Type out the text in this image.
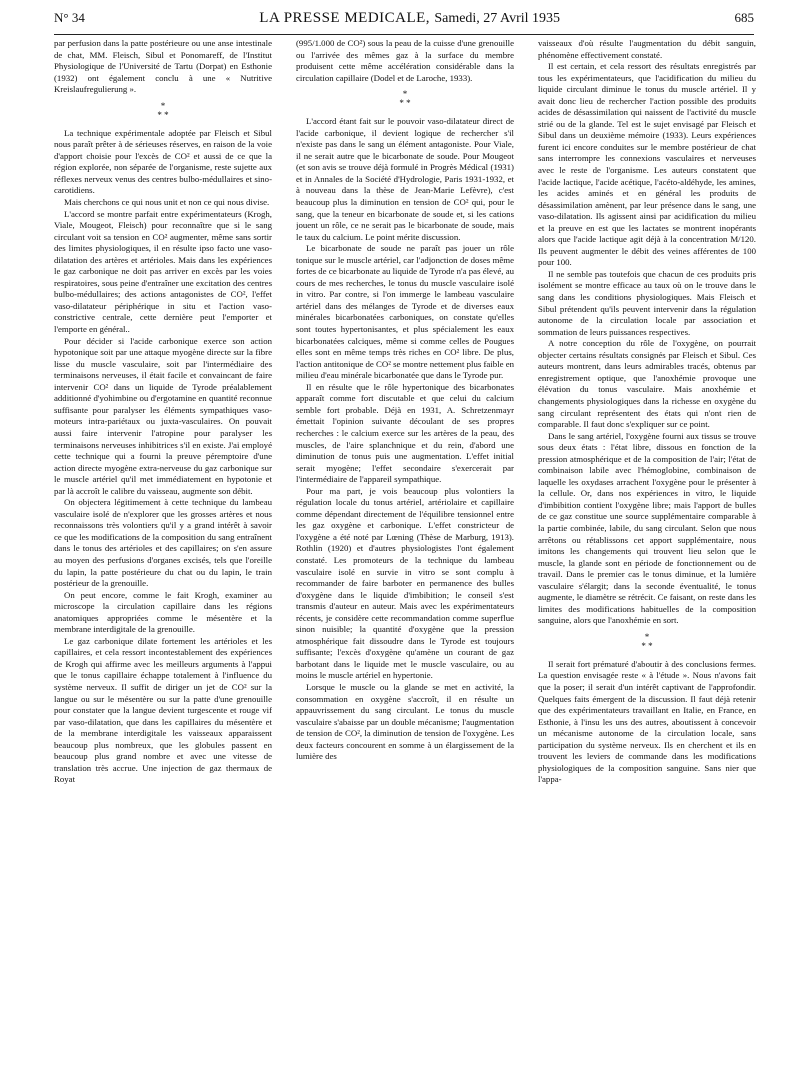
N° 34	LA PRESSE MEDICALE, Samedi, 27 Avril 1935	685

par perfusion dans la patte postérieure ou une anse intestinale de chat, MM. Fleisch, Sibul et Ponomareff, de l'Institut Physiologique de l'Université de Tartu (Dorpat) en Esthonie (1932) ont également conclu à une « Nutritive Kreislaufregulierung ».

*
* *

La technique expérimentale adoptée par Fleisch et Sibul nous paraît prêter à de sérieuses réserves, en raison de la voie d'apport choisie pour l'excès de CO² et aussi de ce que la région explorée, non séparée de l'organisme, reste sujette aux réflexes nerveux venus des centres bulbo-médullaires et sino-carotidiens.

Mais cherchons ce qui nous unit et non ce qui nous divise.

L'accord se montre parfait entre expérimentateurs (Krogh, Viale, Mougeot, Fleisch) pour reconnaître que si le sang circulant voit sa tension en CO² augmenter, même sans sortir des limites physiologiques, il en résulte ipso facto une vaso-dilatation des artères et artérioles. Mais dans les expériences le gaz carbonique ne doit pas arriver en excès par les voies respiratoires, sous peine d'entraîner une excitation des centres bulbo-médullaires; des actions antagonistes de CO², l'effet vaso-dilatateur périphérique in situ et l'action vaso-constrictive centrale, cette dernière peut l'emporter et l'emporte en général..

Pour décider si l'acide carbonique exerce son action hypotonique soit par une attaque myogène directe sur la fibre lisse du muscle vasculaire, soit par l'intermédiaire des terminaisons nerveuses, il était facile et convaincant de faire intervenir CO² dans un liquide de Tyrode préalablement additionné d'yohimbine ou d'ergotamine en quantité reconnue suffisante pour paralyser les éléments sympathiques vaso-moteurs intra-pariétaux ou juxta-vasculaires. On pouvait aussi faire intervenir l'atropine pour paralyser les terminaisons nerveuses inhibitrices s'il en existe. J'ai employé cette technique qui a fourni la preuve péremptoire d'une action directe myogène extra-nerveuse du gaz carbonique sur le muscle artériel qu'il met immédiatement en hypotonie et par là accroît le calibre du vaisseau, augmente son débit.

On objectera légitimement à cette technique du lambeau vasculaire isolé de n'explorer que les grosses artères et nous reconnaissons très volontiers qu'il y a grand intérêt à savoir ce que les modifications de la composition du sang entraînent dans le tonus des artérioles et des capillaires; on s'en assure au moyen des perfusions d'organes excisés, tels que l'oreille du lapin, la patte postérieure du chat ou du lapin, le train postérieur de la grenouille.

On peut encore, comme le fait Krogh, examiner au microscope la circulation capillaire dans les régions anatomiques appropriées comme le mésentère et la membrane interdigitale de la grenouille.

Le gaz carbonique dilate fortement les artérioles et les capillaires, et cela ressort incontestablement des expériences de Krogh qui affirme avec les meilleurs arguments à l'appui que le tonus capillaire échappe totalement à l'influence du système nerveux. Il suffit de diriger un jet de CO² sur la langue ou sur le mésentère ou sur la patte d'une grenouille pour constater que la langue devient turgescente et rouge vif par vaso-dilatation, que dans les capillaires du mésentère et de la membrane interdigitale les vaisseaux apparaissent beaucoup plus nombreux, que les globules passent en beaucoup plus grand nombre et avec une vitesse de translation très accrue. Une injection de gaz thermaux de Royat

(995/1.000 de CO²) sous la peau de la cuisse d'une grenouille ou l'arrivée des mêmes gaz à la surface du membre produisent cette même accélération considérable dans la circulation capillaire (Dodel et de Laroche, 1933).

*
* *

L'accord étant fait sur le pouvoir vaso-dilatateur direct de l'acide carbonique, il devient logique de rechercher s'il n'existe pas dans le sang un élément antagoniste. Pour Viale, il ne serait autre que le bicarbonate de soude. Pour Mougeot (et son avis se trouve déjà formulé in Progrès Médical (1931) et in Annales de la Société d'Hydrologie, Paris 1931-1932, et à nouveau dans la thèse de Jean-Marie Lefèvre), c'est beaucoup plus la diminution en tension de CO² qui, pour le sang, que la teneur en bicarbonate de soude et, si les cations jouent un rôle, ce ne serait pas le bicarbonate de soude, mais le taux du calcium. Le point mérite discussion.

Le bicarbonate de soude ne paraît pas jouer un rôle tonique sur le muscle artériel, car l'adjonction de doses même fortes de ce bicarbonate au liquide de Tyrode n'a pas élevé, au cours de mes recherches, le tonus du muscle vasculaire isolé in vitro. Par contre, si l'on immerge le lambeau vasculaire artériel dans des mélanges de Tyrode et de diverses eaux minérales bicarbonatées carboniques, on constate qu'elles sont toutes hypertonisantes, et plus spécialement les eaux bicarbonatées calciques, même si comme celles de Pougues elles sont en même temps très riches en CO² libre. De plus, l'action antitonique de CO² se montre nettement plus faible en milieu d'eau minérale bicarbonatée que dans le Tyrode pur.

Il en résulte que le rôle hypertonique des bicarbonates apparaît comme fort discutable et que celui du calcium semble fort probable. Déjà en 1931, A. Schretzenmayr émettait l'opinion suivante découlant de ses propres recherches : le calcium exerce sur les artères de la peau, des muscles, de l'aire splanchnique et du rein, d'abord une diminution de tonus puis une augmentation. L'effet initial serait myogène; l'effet secondaire s'exercerait par l'intermédiaire de l'appareil sympathique.

Pour ma part, je vois beaucoup plus volontiers la régulation locale du tonus artériel, artériolaire et capillaire comme dépendant directement de l'équilibre tensionnel entre les gaz oxygène et carbonique. L'effet constricteur de l'oxygène a été noté par Lœning (Thèse de Marburg, 1913). Rothlin (1920) et d'autres physiologistes l'ont également constaté. Les promoteurs de la technique du lambeau vasculaire isolé en survie in vitro se sont complu à recommander de faire barboter en permanence des bulles d'oxygène dans le liquide d'imbibition; le conseil s'est transmis d'auteur en auteur. Mais avec les expérimentateurs récents, je considère cette recommandation comme superflue sinon nuisible; la quantité d'oxygène que la pression atmosphérique fait dissoudre dans le Tyrode est toujours suffisante; l'excès d'oxygène qu'amène un courant de gaz barbotant dans le liquide met le muscle vasculaire, ou au moins le muscle artériel en hypertonie.

Lorsque le muscle ou la glande se met en activité, la consommation en oxygène s'accroît, il en résulte un appauvrissement du sang circulant. Le tonus du muscle vasculaire s'abaisse par un double mécanisme; l'augmentation de tension de CO², la diminution de tension de l'oxygène. Les deux facteurs concourent en somme à un élargissement de la lumière des

vaisseaux d'où résulte l'augmentation du débit sanguin, phénomène effectivement constaté.

Il est certain, et cela ressort des résultats enregistrés par tous les expérimentateurs, que l'acidification du milieu du liquide circulant diminue le tonus du muscle artériel. Il y avait donc lieu de rechercher l'action possible des produits acides de désassimilation qui naissent de l'activité du muscle strié ou de la glande. Tel est le sujet envisagé par Fleisch et Sibul dans un deuxième mémoire (1933). Leurs expériences furent ici encore conduites sur le membre postérieur de chat sans interrompre les connexions vasculaires et nerveuses avec le reste de l'organisme. Les auteurs constatent que l'acide lactique, l'acide acétique, l'acéto-aldéhyde, les amines, les acides aminés et en général les produits de désassimilation amènent, par leur présence dans le sang, une vaso-dilatation. Ils agissent ainsi par acidification du milieu et la preuve en est que les lactates se montrent inopérants alors que l'acide lactique agit déjà à la concentration M/120. Ils peuvent augmenter le débit des veines afférentes de 100 pour 100.

Il ne semble pas toutefois que chacun de ces produits pris isolément se montre efficace au taux où on le trouve dans le sang dans les conditions physiologiques. Mais Fleisch et Sibul prétendent qu'ils peuvent intervenir dans la régulation autonome de la circulation locale par association et sommation de leurs puissances respectives.

A notre conception du rôle de l'oxygène, on pourrait objecter certains résultats consignés par Fleisch et Sibul. Ces auteurs montrent, dans leurs admirables tracés, obtenus par enregistrement optique, que l'anoxhémie provoque une élévation du tonus vasculaire. Mais anoxhémie et changements physiologiques dans la richesse en oxygène du sang circulant représentent des états qui n'ont rien de comparable. Il faut donc s'expliquer sur ce point.

Dans le sang artériel, l'oxygène fourni aux tissus se trouve sous deux états : l'état libre, dissous en fonction de la pression atmosphérique et de la composition de l'air; l'état de combinaison labile avec l'hémoglobine, combinaison de laquelle les oxydases arrachent l'oxygène pour le présenter à la cellule. Or, dans nos expériences in vitro, le liquide d'imbibition contient l'oxygène libre; mais l'apport de bulles de ce gaz constitue une source supplémentaire comparable à la partie combinée, labile, du sang circulant. Selon que nous arrêtons ou rétablissons cet apport supplémentaire, nous imitons les changements qui trouvent lieu selon que le muscle, la glande sont en période de fonctionnement ou de travail. Dans le premier cas le tonus diminue, et la lumière vasculaire s'élargit; dans la seconde éventualité, le tonus augmente, le diamètre se rétrécit. Ce faisant, on reste dans les limites des modifications habituelles de la composition sanguine, alors que l'anoxhémie en sort.

*
* *

Il serait fort prématuré d'aboutir à des conclusions fermes. La question envisagée reste « à l'étude ». Nous n'avons fait que la poser; il serait d'un intérêt captivant de l'approfondir. Quelques faits émergent de la discussion. Il faut déjà retenir que des expérimentateurs travaillant en Italie, en France, en Esthonie, à l'insu les uns des autres, aboutissent à concevoir un mécanisme autonome de la circulation locale, sans participation du système nerveux. Ils en cherchent et ils en trouvent les leviers de commande dans les modifications physiologiques de la composition sanguine. Sans nier que l'appa-
